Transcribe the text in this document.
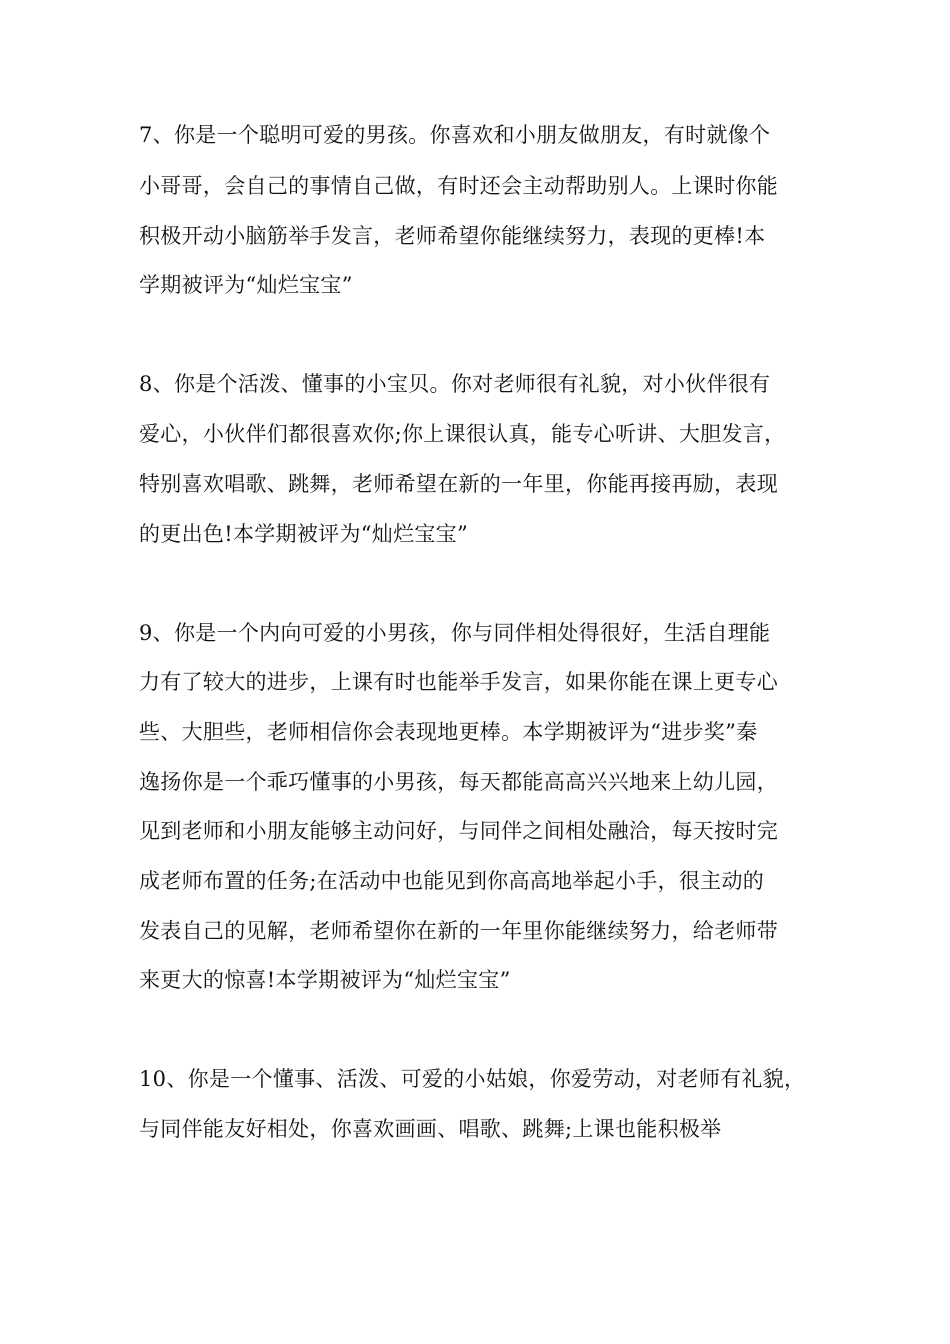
7、你是一个聪明可爱的男孩。你喜欢和小朋友做朋友，有时就像个
小哥哥，会自己的事情自己做，有时还会主动帮助别人。上课时你能
积极开动小脑筋举手发言，老师希望你能继续努力，表现的更棒!本
学期被评为“灿烂宝宝”
8、你是个活泼、懂事的小宝贝。你对老师很有礼貌，对小伙伴很有
爱心，小伙伴们都很喜欢你;你上课很认真，能专心听讲、大胆发言，
特别喜欢唱歌、跳舞，老师希望在新的一年里，你能再接再励，表现
的更出色!本学期被评为“灿烂宝宝”
9、你是一个内向可爱的小男孩，你与同伴相处得很好，生活自理能
力有了较大的进步，上课有时也能举手发言，如果你能在课上更专心
些、大胆些，老师相信你会表现地更棒。本学期被评为“进步奖”秦
逸扬你是一个乖巧懂事的小男孩，每天都能高高兴兴地来上幼儿园，
见到老师和小朋友能够主动问好，与同伴之间相处融洽，每天按时完
成老师布置的任务;在活动中也能见到你高高地举起小手，很主动的
发表自己的见解，老师希望你在新的一年里你能继续努力，给老师带
来更大的惊喜!本学期被评为“灿烂宝宝”
10、你是一个懂事、活泼、可爱的小姑娘，你爱劳动，对老师有礼貌，
与同伴能友好相处，你喜欢画画、唱歌、跳舞;上课也能积极举
